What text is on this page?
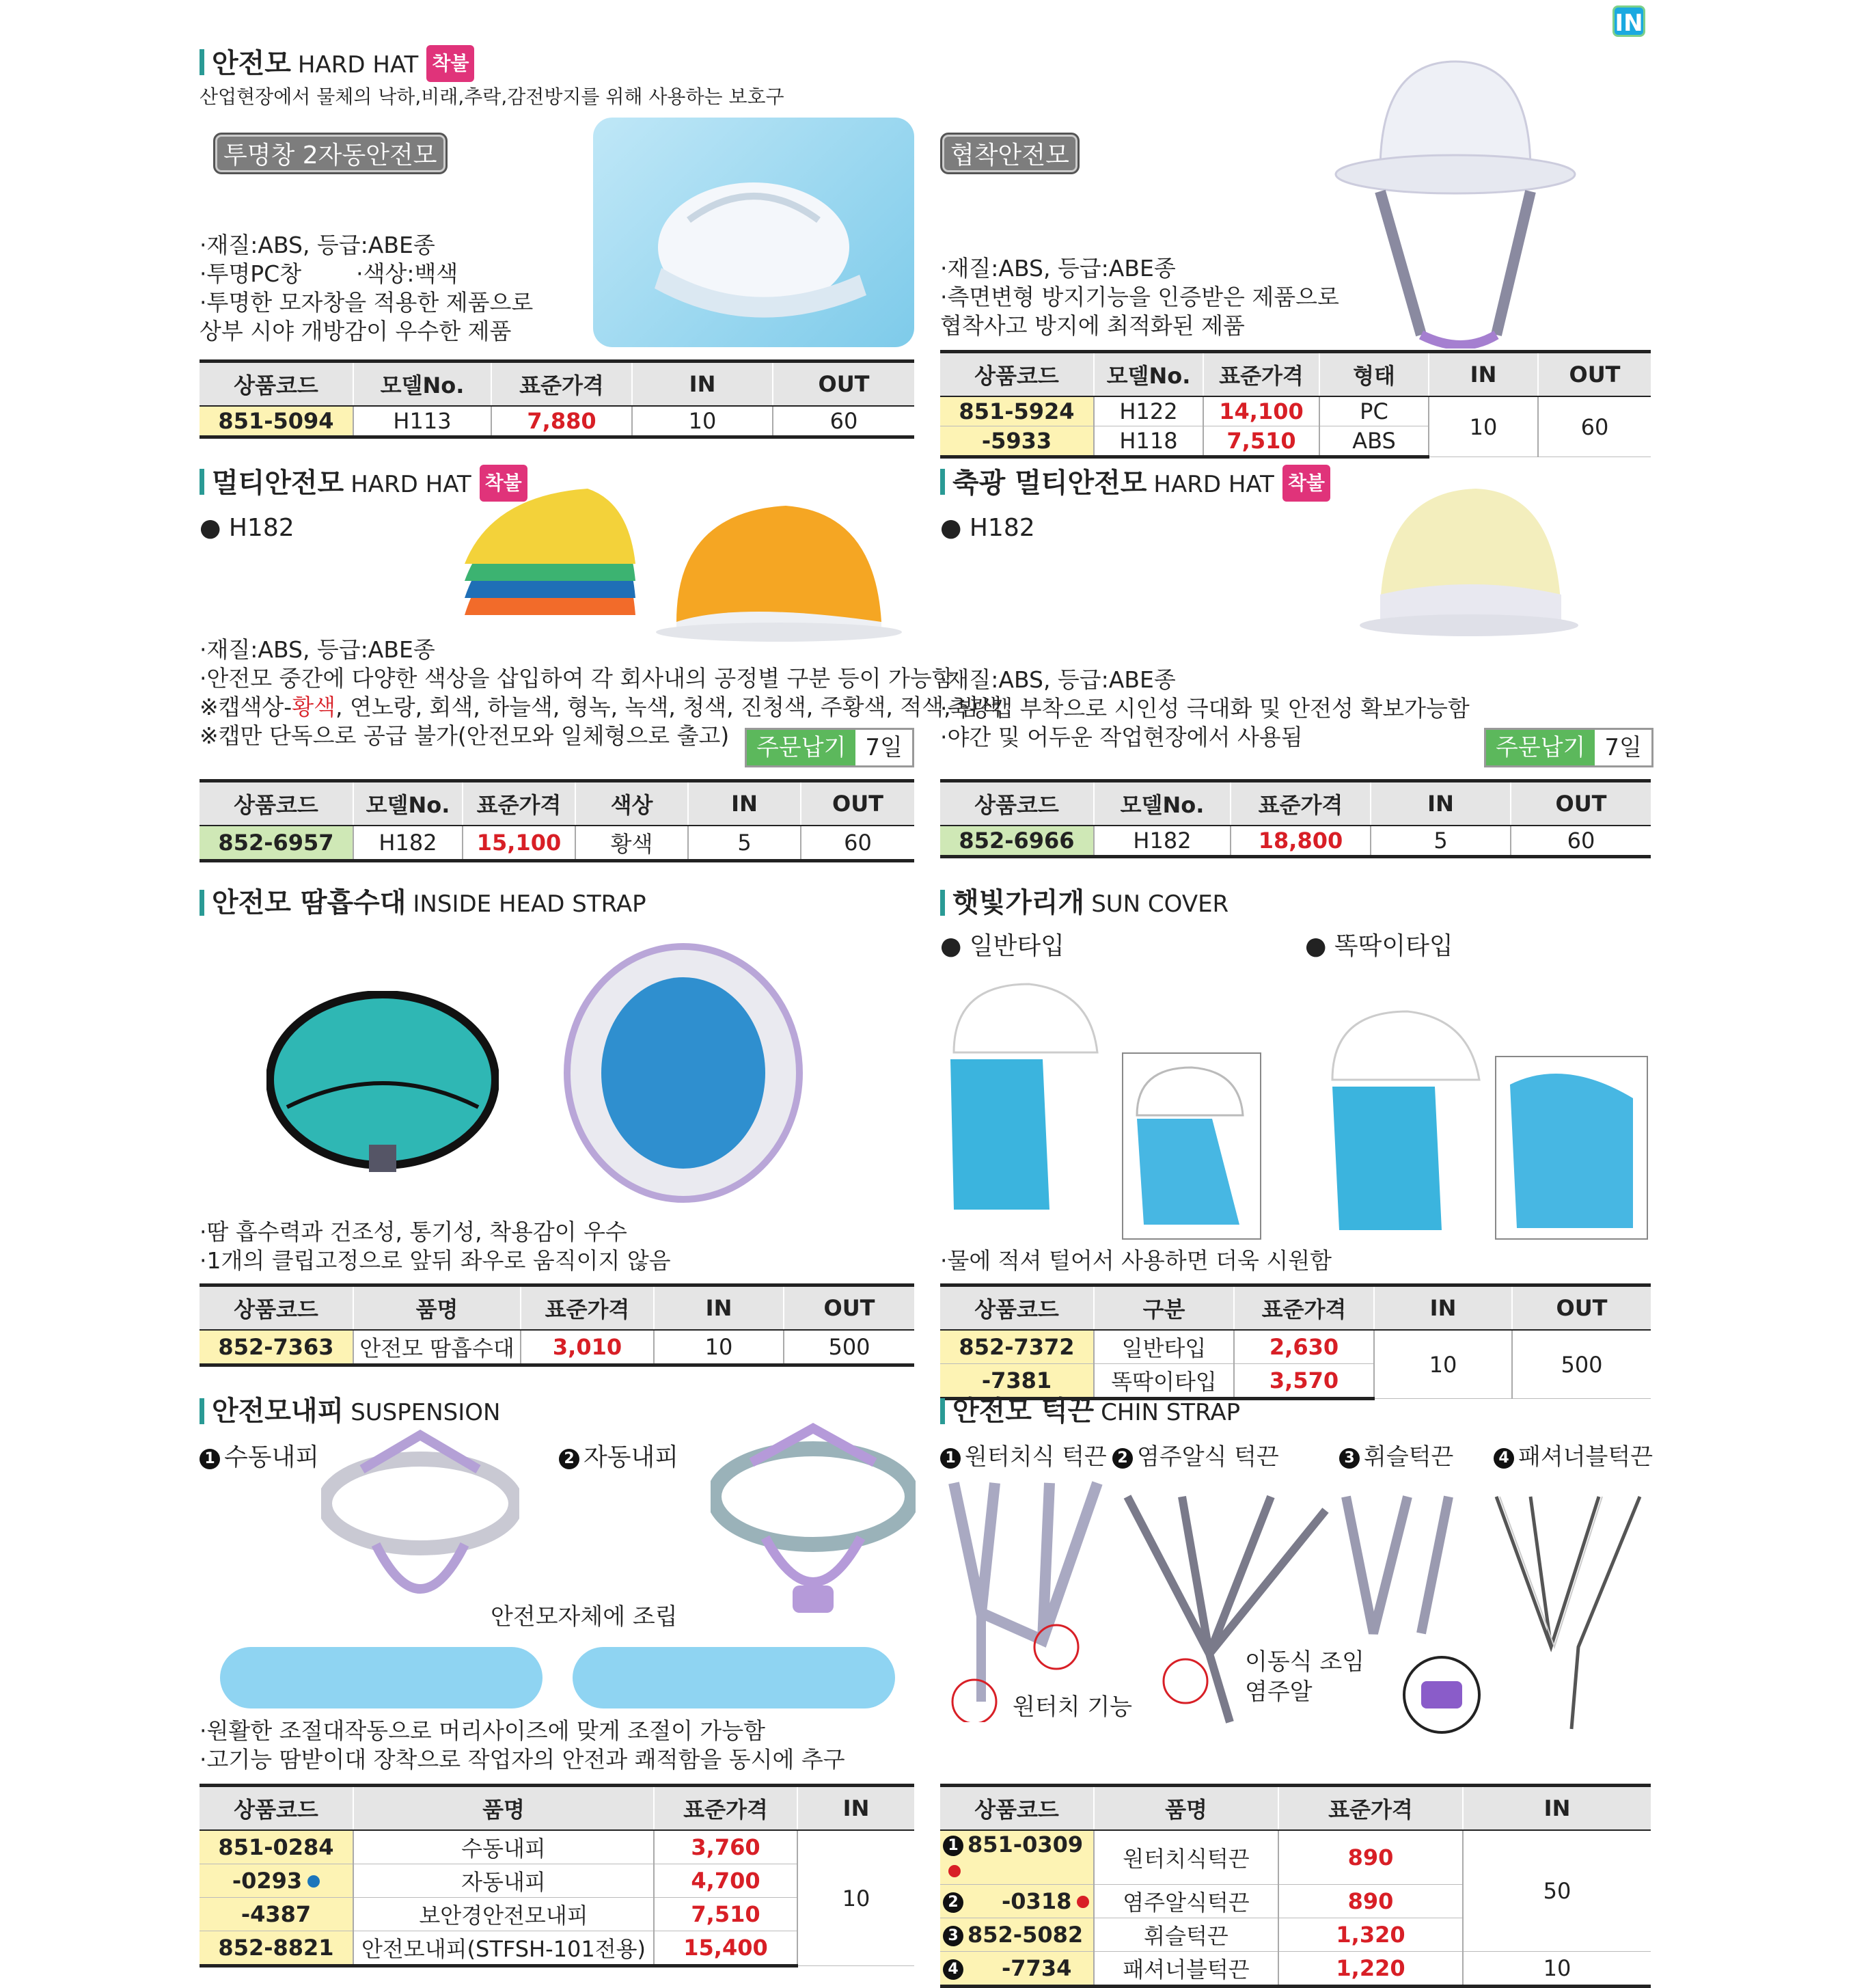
IN
안전모 HARD HAT 착불
산업현장에서 물체의 낙하,비래,추락,감전방지를 위해 사용하는 보호구
투명창 2자동안전모
·재질:ABS, 등급:ABE종
·투명PC창 ·색상:백색
·투명한 모자창을 적용한 제품으로
상부 시야 개방감이 우수한 제품
상품코드	모델No.	표준가격	IN	OUT
851-5094	H113	7,880	10	60
협착안전모
·재질:ABS, 등급:ABE종
·측면변형 방지기능을 인증받은 제품으로
협착사고 방지에 최적화된 제품
상품코드	모델No.	표준가격	형태	IN	OUT
851-5924	H122	14,100	PC	10	60
-5933	H118	7,510	ABS		
멀티안전모 HARD HAT 착불
● H182
·재질:ABS, 등급:ABE종
·안전모 중간에 다양한 색상을 삽입하여 각 회사내의 공정별 구분 등이 가능함
※캡색상-황색, 연노랑, 회색, 하늘색, 형녹, 녹색, 청색, 진청색, 주황색, 적색, 밤색
※캡만 단독으로 공급 불가(안전모와 일체형으로 출고)	주문납기 7일
상품코드	모델No.	표준가격	색상	IN	OUT
852-6957	H182	15,100	황색	5	60
축광 멀티안전모 HARD HAT 착불
● H182
·재질:ABS, 등급:ABE종
·축광캡 부착으로 시인성 극대화 및 안전성 확보가능함
·야간 및 어두운 작업현장에서 사용됨	주문납기 7일
상품코드	모델No.	표준가격	IN	OUT
852-6966	H182	18,800	5	60
안전모 땀흡수대 INSIDE HEAD STRAP
·땀 흡수력과 건조성, 통기성, 착용감이 우수
·1개의 클립고정으로 앞뒤 좌우로 움직이지 않음
상품코드	품명	표준가격	IN	OUT
852-7363	안전모 땀흡수대	3,010	10	500
햇빛가리개 SUN COVER
● 일반타입	● 똑딱이타입
·물에 적셔 털어서 사용하면 더욱 시원함
상품코드	구분	표준가격	IN	OUT
852-7372	일반타입	2,630	10	500
-7381	똑딱이타입	3,570		
안전모내피 SUSPENSION
1 수동내피	2 자동내피
안전모자체에 조립
·원활한 조절대작동으로 머리사이즈에 맞게 조절이 가능함
·고기능 땀받이대 장착으로 작업자의 안전과 쾌적함을 동시에 추구
상품코드	품명	표준가격	IN
851-0284	수동내피	3,760	10
-0293	자동내피	4,700	
-4387	보안경안전모내피	7,510	
852-8821	안전모내피(STFSH-101전용)	15,400	
안전모 턱끈 CHIN STRAP
1 원터치식 턱끈 2 염주알식 턱끈	3 휘슬턱끈	4 패셔너블턱끈
원터치 기능
이동식 조임
염주알
상품코드	품명	표준가격	IN
1 851-0309	원터치식턱끈	890	50
2 -0318	염주알식턱끈	890	
3 852-5082	휘슬턱끈	1,320	
4 -7734	패셔너블턱끈	1,220	10
